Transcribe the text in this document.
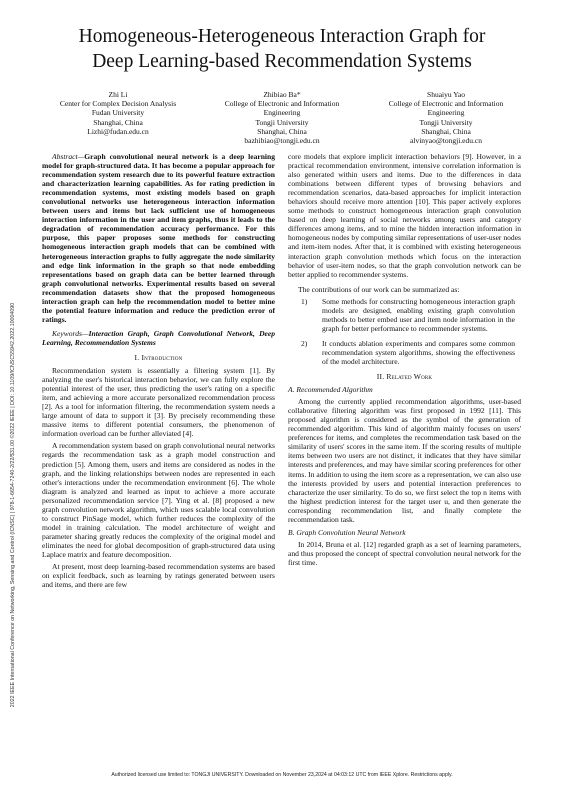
Homogeneous-Heterogeneous Interaction Graph for
Deep Learning-based Recommendation Systems
Zhi Li
Center for Complex Decision Analysis
Fudan University
Shanghai, China
Lizhi@fudan.edu.cn
Zhibiao Ba*
College of Electronic and Information
Engineering
Tongji University
Shanghai, China
bazhibiao@tongji.edu.cn
Shuaiyu Yao
College of Electronic and Information
Engineering
Tongji University
Shanghai, China
alvinyao@tongji.edu.cn
2022 IEEE International Conference on Networking, Sensing and Control (ICNSC) | 978-1-6654-7240-2/22/$31.00 ©2022 IEEE | DOI: 10.1109/ICNSC55942.2022.10004090

Abstract—Graph convolutional neural network is a deep learning model for graph-structured data. It has become a popular approach for recommendation system research due to its powerful feature extraction and characterization learning capabilities. As for rating prediction in recommendation systems, most existing models based on graph convolutional networks use heterogeneous interaction information between users and items but lack sufficient use of homogeneous interaction information in the user and item graphs, thus it leads to the degradation of recommendation accuracy performance. For this purpose, this paper proposes some methods for constructing homogeneous interaction graph models that can be combined with heterogeneous interaction graphs to fully aggregate the node similarity and edge link information in the graph so that node embedding representations based on graph data can be better learned through graph convolutional networks. Experimental results based on several recommendation datasets show that the proposed homogeneous interaction graph can help the recommendation model to better mine the potential feature information and reduce the prediction error of ratings.

Keywords—Interaction Graph, Graph Convolutional Network, Deep Learning, Recommendation Systems

I. Introduction

Recommendation system is essentially a filtering system [1]. By analyzing the user's historical interaction behavior, we can fully explore the potential interest of the user, thus predicting the user's rating on a specific item, and achieving a more accurate personalized recommendation process [2]. As a tool for information filtering, the recommendation system needs a large amount of data to support it [3]. By precisely recommending these massive items to different potential consumers, the phenomenon of information overload can be further alleviated [4].

A recommendation system based on graph convolutional neural networks regards the recommendation task as a graph model construction and prediction [5]. Among them, users and items are considered as nodes in the graph, and the linking relationships between nodes are represented in each other's interactions under the recommendation environment [6]. The whole diagram is analyzed and learned as input to achieve a more accurate personalized recommendation service [7]. Ying et al. [8] proposed a new graph convolution network algorithm, which uses scalable local convolution to construct PinSage model, which further reduces the complexity of the model in training calculation. The model architecture of weight and parameter sharing greatly reduces the complexity of the original model and eliminates the need for global decomposition of graph-structured data using Laplace matrix and feature decomposition.

At present, most deep learning-based recommendation systems are based on explicit feedback, such as learning by ratings generated between users and items, and there are few

core models that explore implicit interaction behaviors [9]. However, in a practical recommendation environment, intensive correlation information is also generated within users and items. Due to the differences in data combinations between different types of browsing behaviors and recommendation scenarios, data-based approaches for implicit interaction behaviors should receive more attention [10]. This paper actively explores some methods to construct homogeneous interaction graph convolution based on deep learning of social networks among users and category differences among items, and to mine the hidden interaction information in homogeneous nodes by computing similar representations of user-user nodes and item-item nodes. After that, it is combined with existing heterogeneous interaction graph convolution methods which focus on the interaction behavior of user-item nodes, so that the graph convolution network can be better applied to recommender systems.

The contributions of our work can be summarized as:

1) Some methods for constructing homogeneous interaction graph models are designed, enabling existing graph convolution methods to better embed user and item node information in the graph for better performance to recommender systems.
2) It conducts ablation experiments and compares some common recommendation system algorithms, showing the effectiveness of the model architecture.
II. Related Work
A. Recommended Algorithm

Among the currently applied recommendation algorithms, user-based collaborative filtering algorithm was first proposed in 1992 [11]. This proposed algorithm is considered as the symbol of the generation of recommended algorithm. This kind of algorithm mainly focuses on users' preferences for items, and completes the recommendation task based on the similarity of users' scores in the same item. If the scoring results of multiple items between two users are not distinct, it indicates that they have similar interests and preferences, and may have similar scoring preferences for other items. In addition to using the item score as a representation, we can also use the interests provided by users and potential interaction preferences to characterize the user similarity. To do so, we first select the top n items with the highest prediction interest for the target user u, and then generate the corresponding recommendation list, and finally complete the recommendation task.

B. Graph Convolution Neural Network

In 2014, Bruna et al. [12] regarded graph as a set of learning parameters, and thus proposed the concept of spectral convolution neural network for the first time.

Authorized licensed use limited to: TONGJI UNIVERSITY. Downloaded on November 23,2024 at 04:03:12 UTC from IEEE Xplore. Restrictions apply.
